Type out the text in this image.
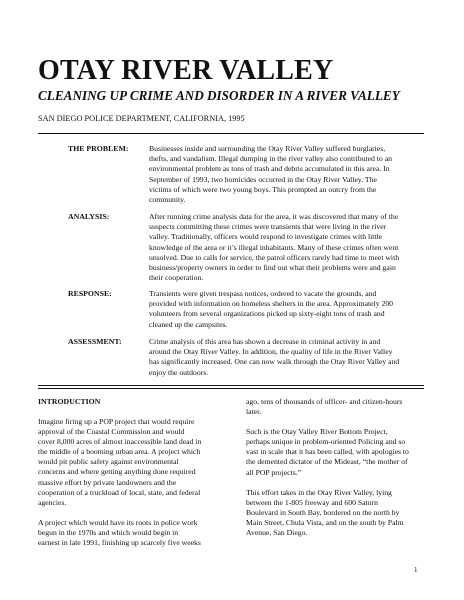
OTAY RIVER VALLEY
CLEANING UP CRIME AND DISORDER IN A RIVER VALLEY
SAN DIEGO POLICE DEPARTMENT, CALIFORNIA, 1995
THE PROBLEM:	Businesses inside and surrounding the Otay River Valley suffered burglaries,
thefts, and vandalism. Illegal dumping in the river valley also contributed to an
environmental problem as tons of trash and debris accumulated in this area. In
September of 1993, two homicides occurred in the Otay River Valley. The
victims of which were two young boys. This prompted an outcry from the
community.
ANALYSIS:	After running crime analysis data for the area, it was discovered that many of the
suspects committing these crimes were transients that were living in the river
valley. Traditionally, officers would respond to investigate crimes with little
knowledge of the area or it’s illegal inhabitants. Many of these crimes often went
unsolved. Due to calls for service, the patrol officers rarely had time to meet with
business/property owners in order to find out what their problems were and gain
their cooperation.
RESPONSE:	Transients were given trespass notices, ordered to vacate the grounds, and
provided with information on homeless shelters in the area. Approximately 200
volunteers from several organizations picked up sixty-eight tons of trash and
cleaned up the campsites.
ASSESSMENT:	Crime analysis of this area has shown a decrease in criminal activity in and
around the Otay River Valley. In addition, the quality of life in the River Valley
has significantly increased. One can now walk through the Otay River Valley and
enjoy the outdoors.
INTRODUCTION

Imagine firing up a POP project that would require
approval of the Coastal Commission and would
cover 8,000 acres of almost inaccessible land dead in
the middle of a booming urban area. A project which
would pit public safety against environmental
concerns and where getting anything done required
massive effort by private landowners and the
cooperation of a truckload of local, state, and federal
agencies.

A project which would have its roots in police work
begun in the 1970s and which would begin in
earnest in late 1991, finishing up scarcely five weeks

ago, tens of thousands of officer- and citizen-hours
later.

Such is the Otay Valley River Bottom Project,
perhaps unique in problem-oriented Policing and so
vast in scale that it has been called, with apologies to
the demented dictator of the Mideast, “the mother of
all POP projects.”

This effort takes in the Otay River Valley, lying
between the 1-805 freeway and 600 Saturn
Boulevard in South Bay, bordered on the north by
Main Street, Chula Vista, and on the south by Palm
Avenue, San Diego.

1
